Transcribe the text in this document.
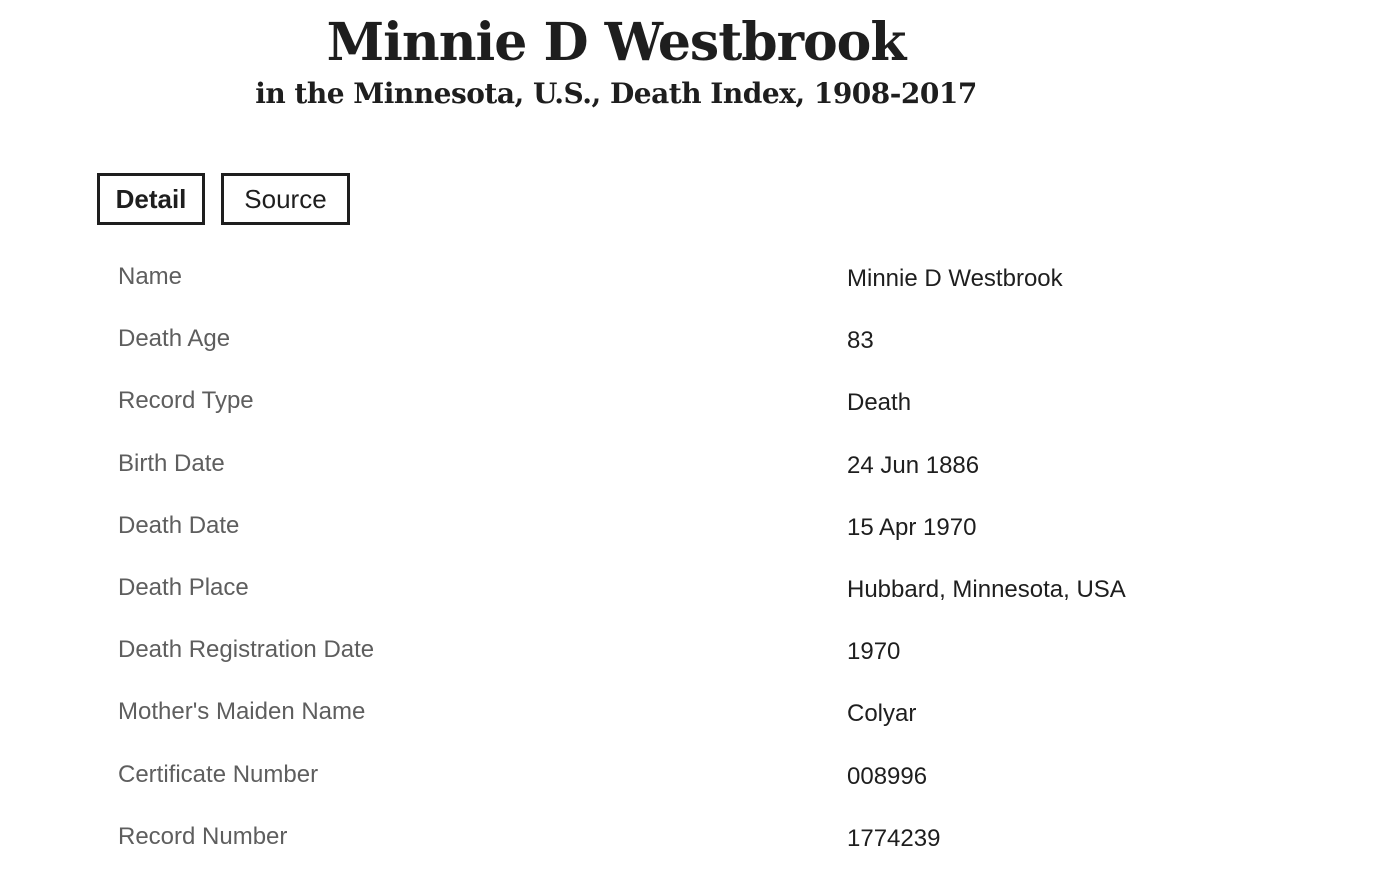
Minnie D Westbrook
in the Minnesota, U.S., Death Index, 1908-2017
Detail	Source
Name	Minnie D Westbrook
Death Age	83
Record Type	Death
Birth Date	24 Jun 1886
Death Date	15 Apr 1970
Death Place	Hubbard, Minnesota, USA
Death Registration Date	1970
Mother's Maiden Name	Colyar
Certificate Number	008996
Record Number	1774239
